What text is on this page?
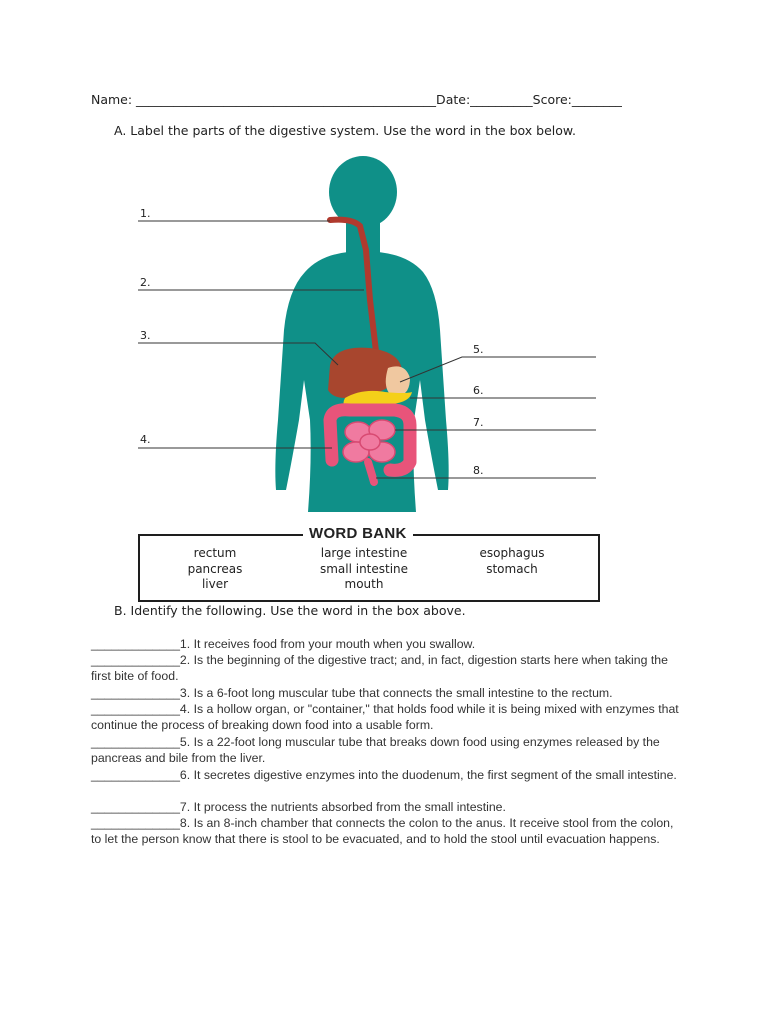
Name: ________________________________________________Date:__________Score:________
A. Label the parts of the digestive system. Use the word in the box below.
1.
2.
3.
4.
5.
6.
7.
8.
WORD BANK
rectum
pancreas
liver
large intestine
small intestine
mouth
esophagus
stomach
B. Identify the following. Use the word in the box above.
_____________1. It receives food from your mouth when you swallow.
_____________2. Is the beginning of the digestive tract; and, in fact, digestion starts here when taking the first bite of food.
_____________3. Is a 6-foot long muscular tube that connects the small intestine to the rectum.
_____________4. Is a hollow organ, or "container," that holds food while it is being mixed with enzymes that continue the process of breaking down food into a usable form.
_____________5. Is a 22-foot long muscular tube that breaks down food using enzymes released by the pancreas and bile from the liver.
_____________6. It secretes digestive enzymes into the duodenum, the first segment of the small intestine.
_____________7. It process the nutrients absorbed from the small intestine.
_____________8. Is an 8-inch chamber that connects the colon to the anus. It receive stool from the colon, to let the person know that there is stool to be evacuated, and to hold the stool until evacuation happens.
